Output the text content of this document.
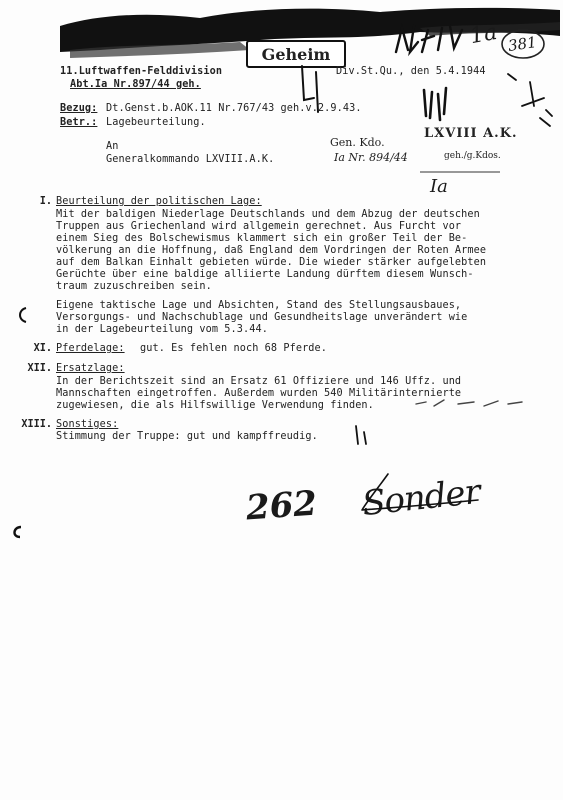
Geheim	381
1a
11.Luftwaffen-Felddivision
Abt.Ia Nr.897/44 geh.
Div.St.Qu., den 5.4.1944
Bezug: Dt.Genst.b.AOK.11 Nr.767/43 geh.v.2.9.43.
Betr.: Lagebeurteilung.
An
Generalkommando LXVIII.A.K.
Gen. Kdo.
LXVIII A.K.
Ia Nr. 894/44	geh./g.Kdos.
Ia
I. Beurteilung der politischen Lage:
Mit der baldigen Niederlage Deutschlands und dem Abzug der deutschen
Truppen aus Griechenland wird allgemein gerechnet. Aus Furcht vor
einem Sieg des Bolschewismus klammert sich ein großer Teil der Be-
völkerung an die Hoffnung, daß England dem Vordringen der Roten Armee
auf dem Balkan Einhalt gebieten würde. Die wieder stärker aufgelebten
Gerüchte über eine baldige alliierte Landung dürftem diesem Wunsch-
traum zuzuschreiben sein.
Eigene taktische Lage und Absichten, Stand des Stellungsausbaues,
Versorgungs- und Nachschublage und Gesundheitslage unverändert wie
in der Lagebeurteilung vom 5.3.44.
XI. Pferdelage: gut. Es fehlen noch 68 Pferde.
XII. Ersatzlage:
In der Berichtszeit sind an Ersatz 61 Offiziere und 146 Uffz. und
Mannschaften eingetroffen. Außerdem wurden 540 Militärinternierte
zugewiesen, die als Hilfswillige Verwendung finden.
XIII. Sonstiges:
Stimmung der Truppe: gut und kampffreudig.
262 Sonder
